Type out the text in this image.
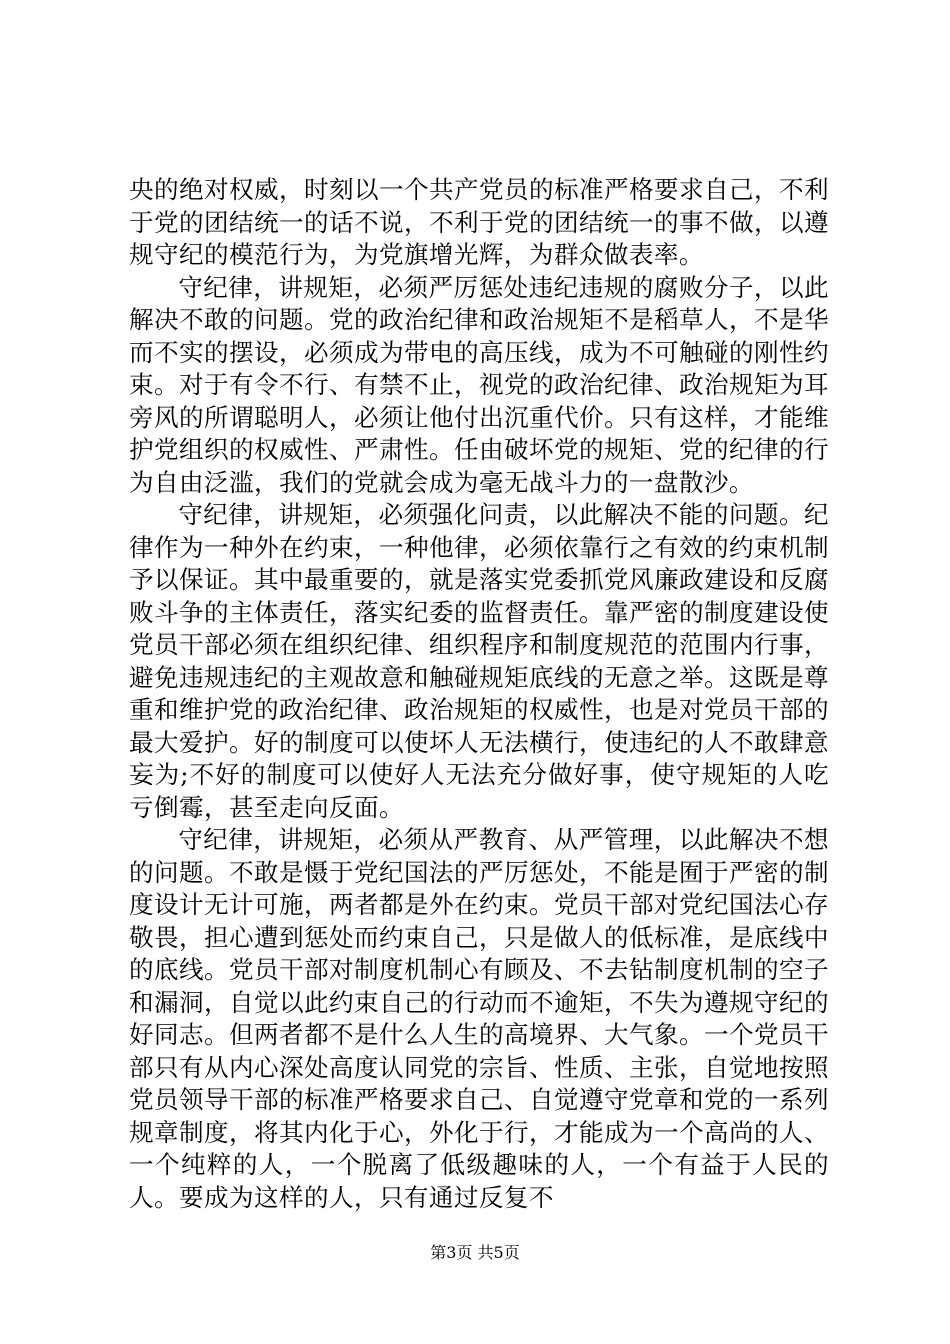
央的绝对权威，时刻以一个共产党员的标准严格要求自己，不利于党的团结统一的话不说，不利于党的团结统一的事不做，以遵规守纪的模范行为，为党旗增光辉，为群众做表率。

守纪律，讲规矩，必须严厉惩处违纪违规的腐败分子，以此解决不敢的问题。党的政治纪律和政治规矩不是稻草人，不是华而不实的摆设，必须成为带电的高压线，成为不可触碰的刚性约束。对于有令不行、有禁不止，视党的政治纪律、政治规矩为耳旁风的所谓聪明人，必须让他付出沉重代价。只有这样，才能维护党组织的权威性、严肃性。任由破坏党的规矩、党的纪律的行为自由泛滥，我们的党就会成为毫无战斗力的一盘散沙。

守纪律，讲规矩，必须强化问责，以此解决不能的问题。纪律作为一种外在约束，一种他律，必须依靠行之有效的约束机制予以保证。其中最重要的，就是落实党委抓党风廉政建设和反腐败斗争的主体责任，落实纪委的监督责任。靠严密的制度建设使党员干部必须在组织纪律、组织程序和制度规范的范围内行事，避免违规违纪的主观故意和触碰规矩底线的无意之举。这既是尊重和维护党的政治纪律、政治规矩的权威性，也是对党员干部的最大爱护。好的制度可以使坏人无法横行，使违纪的人不敢肆意妄为;不好的制度可以使好人无法充分做好事，使守规矩的人吃亏倒霉，甚至走向反面。

守纪律，讲规矩，必须从严教育、从严管理，以此解决不想的问题。不敢是慑于党纪国法的严厉惩处，不能是囿于严密的制度设计无计可施，两者都是外在约束。党员干部对党纪国法心存敬畏，担心遭到惩处而约束自己，只是做人的低标准，是底线中的底线。党员干部对制度机制心有顾及、不去钻制度机制的空子和漏洞，自觉以此约束自己的行动而不逾矩，不失为遵规守纪的好同志。但两者都不是什么人生的高境界、大气象。一个党员干部只有从内心深处高度认同党的宗旨、性质、主张，自觉地按照党员领导干部的标准严格要求自己、自觉遵守党章和党的一系列规章制度，将其内化于心，外化于行，才能成为一个高尚的人、一个纯粹的人，一个脱离了低级趣味的人，一个有益于人民的人。要成为这样的人，只有通过反复不

第3页 共5页
